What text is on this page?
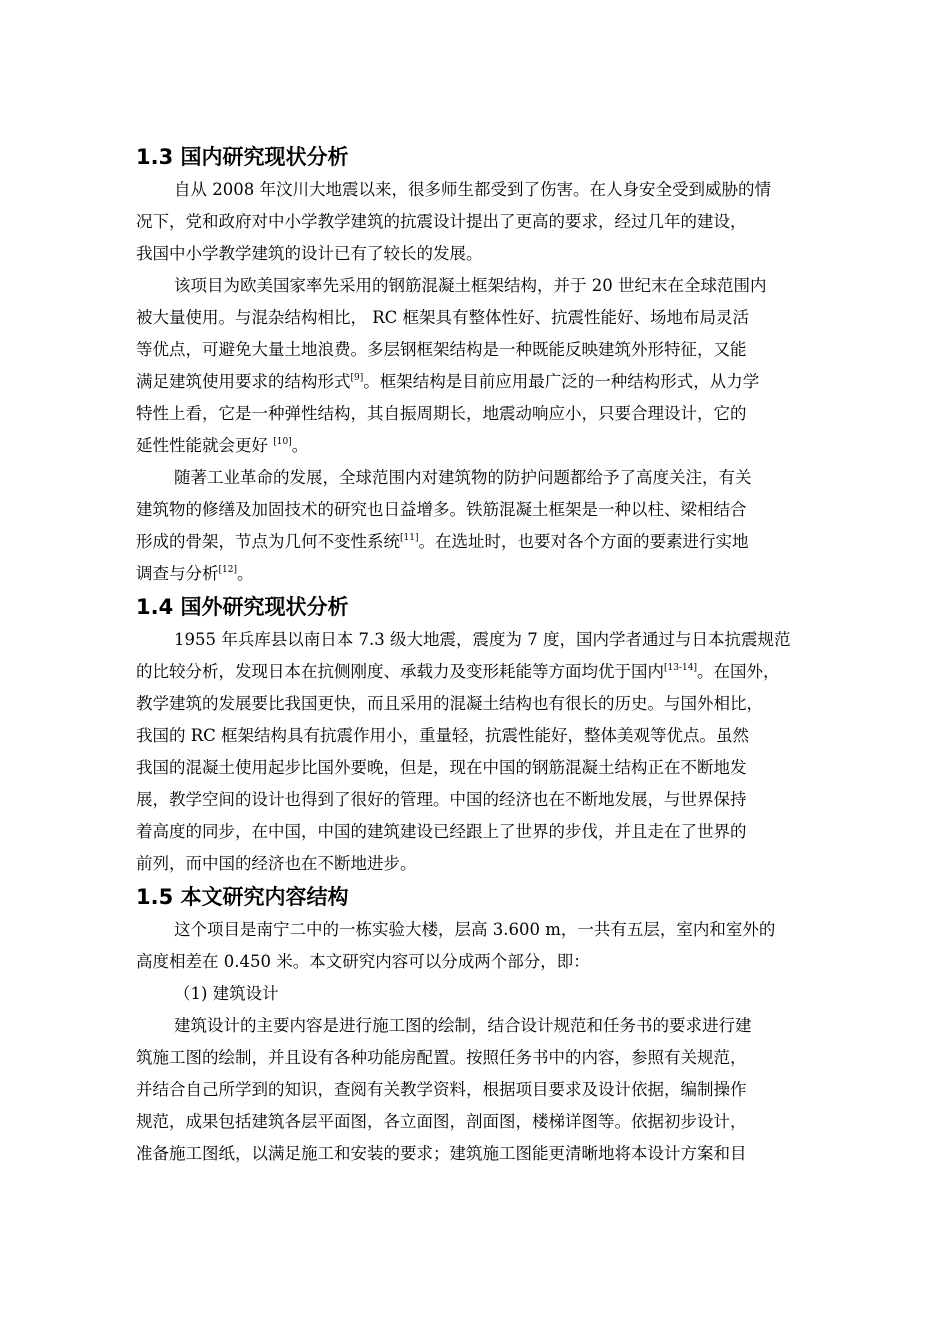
1.3 国内研究现状分析

自从 2008 年汶川大地震以来，很多师生都受到了伤害。在人身安全受到威胁的情
况下，党和政府对中小学教学建筑的抗震设计提出了更高的要求，经过几年的建设，
我国中小学教学建筑的设计已有了较长的发展。

该项目为欧美国家率先采用的钢筋混凝土框架结构，并于 20 世纪末在全球范围内
被大量使用。与混杂结构相比， RC 框架具有整体性好、抗震性能好、场地布局灵活
等优点，可避免大量土地浪费。多层钢框架结构是一种既能反映建筑外形特征，又能
满足建筑使用要求的结构形式[9]。框架结构是目前应用最广泛的一种结构形式，从力学
特性上看，它是一种弹性结构，其自振周期长，地震动响应小，只要合理设计，它的
延性性能就会更好 [10]。

随著工业革命的发展，全球范围内对建筑物的防护问题都给予了高度关注，有关
建筑物的修缮及加固技术的研究也日益增多。铁筋混凝土框架是一种以柱、梁相结合
形成的骨架，节点为几何不变性系统[11]。在选址时，也要对各个方面的要素进行实地
调查与分析[12]。

1.4 国外研究现状分析

1955 年兵库县以南日本 7.3 级大地震，震度为 7 度，国内学者通过与日本抗震规范
的比较分析，发现日本在抗侧刚度、承载力及变形耗能等方面均优于国内[13-14]。在国外，
教学建筑的发展要比我国更快，而且采用的混凝土结构也有很长的历史。与国外相比，
我国的 RC 框架结构具有抗震作用小，重量轻，抗震性能好，整体美观等优点。虽然
我国的混凝土使用起步比国外要晚，但是，现在中国的钢筋混凝土结构正在不断地发
展，教学空间的设计也得到了很好的管理。中国的经济也在不断地发展，与世界保持
着高度的同步，在中国，中国的建筑建设已经跟上了世界的步伐，并且走在了世界的
前列，而中国的经济也在不断地进步。

1.5 本文研究内容结构

这个项目是南宁二中的一栋实验大楼，层高 3.600 m，一共有五层，室内和室外的
高度相差在 0.450 米。本文研究内容可以分成两个部分，即：

（1) 建筑设计

建筑设计的主要内容是进行施工图的绘制，结合设计规范和任务书的要求进行建
筑施工图的绘制，并且设有各种功能房配置。按照任务书中的内容，参照有关规范，
并结合自己所学到的知识，查阅有关教学资料，根据项目要求及设计依据，编制操作
规范，成果包括建筑各层平面图，各立面图，剖面图，楼梯详图等。依据初步设计，
准备施工图纸，以满足施工和安装的要求；建筑施工图能更清晰地将本设计方案和目
